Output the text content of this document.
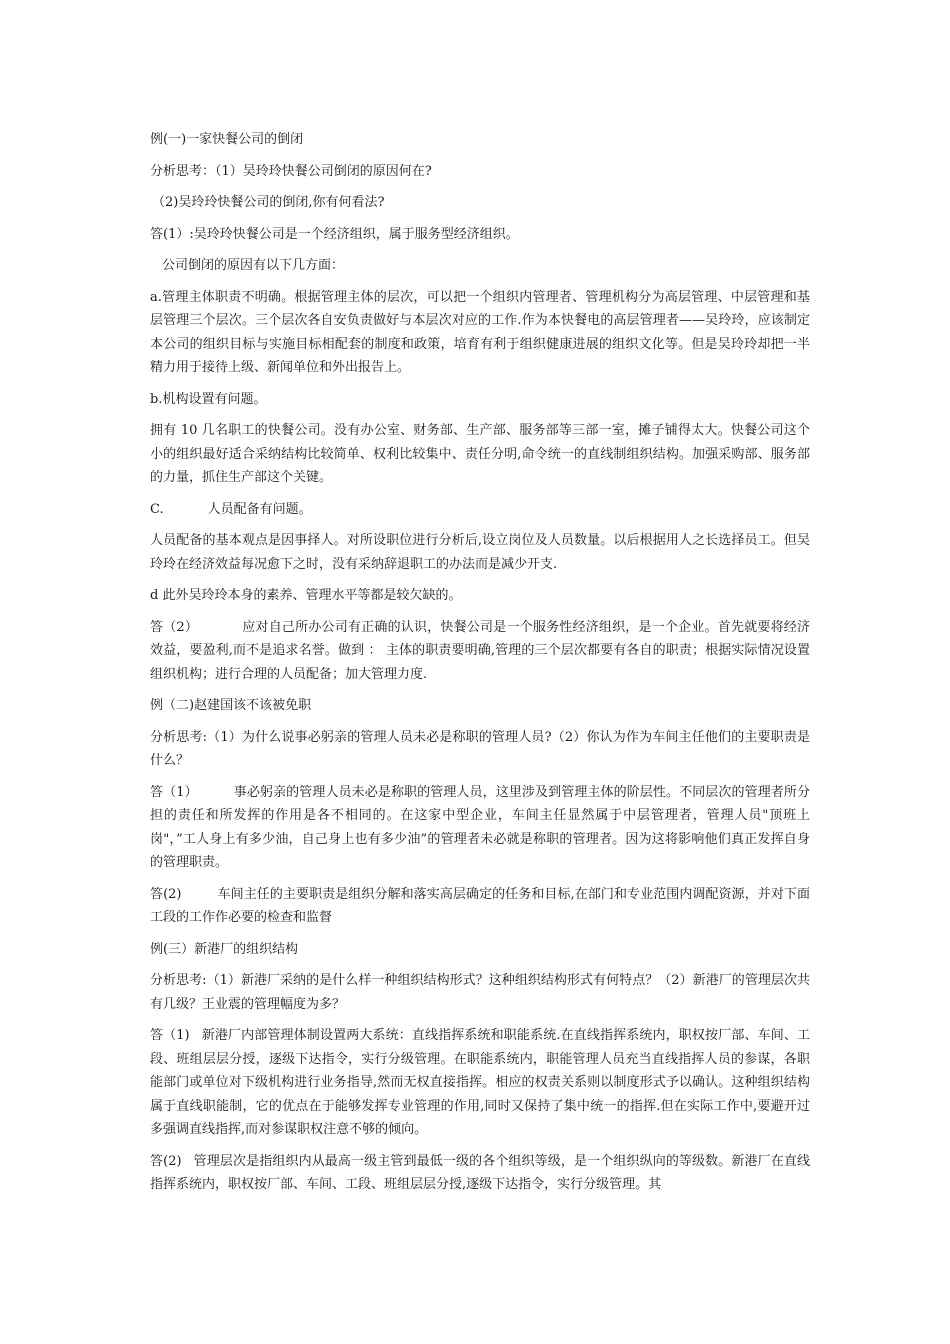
例(一)一家快餐公司的倒闭

分析思考：（1）吴玲玲快餐公司倒闭的原因何在?

（2)吴玲玲快餐公司的倒闭,你有何看法?

答(1）:吴玲玲快餐公司是一个经济组织，属于服务型经济组织。

公司倒闭的原因有以下几方面：

a.管理主体职责不明确。根据管理主体的层次，可以把一个组织内管理者、管理机构分为高层管理、中层管理和基层管理三个层次。三个层次各自安负责做好与本层次对应的工作.作为本快餐电的高层管理者——吴玲玲，应该制定本公司的组织目标与实施目标相配套的制度和政策，培育有利于组织健康进展的组织文化等。但是吴玲玲却把一半精力用于接待上级、新闻单位和外出报告上。

b.机构设置有问题。

拥有 10 几名职工的快餐公司。没有办公室、财务部、生产部、服务部等三部一室，摊子铺得太大。快餐公司这个小的组织最好适合采纳结构比较简单、权利比较集中、责任分明,命令统一的直线制组织结构。加强采购部、服务部的力量，抓住生产部这个关键。

C.	人员配备有问题。

人员配备的基本观点是因事择人。对所设职位进行分析后,设立岗位及人员数量。以后根据用人之长选择员工。但吴玲玲在经济效益每况愈下之时，没有采纳辞退职工的办法而是减少开支.

d 此外吴玲玲本身的素养、管理水平等都是较欠缺的。

答（2）	应对自己所办公司有正确的认识，快餐公司是一个服务性经济组织，是一个企业。首先就要将经济效益，要盈利,而不是追求名誉。做到 ： 主体的职责要明确,管理的三个层次都要有各自的职责；根据实际情况设置组织机构；进行合理的人员配备；加大管理力度.

例（二)赵建国该不该被免职

分析思考:（1）为什么说事必躬亲的管理人员未必是称职的管理人员?（2）你认为作为车间主任他们的主要职责是什么？

答（1）	事必躬亲的管理人员未必是称职的管理人员，这里涉及到管理主体的阶层性。不同层次的管理者所分担的责任和所发挥的作用是各不相同的。在这家中型企业，车间主任显然属于中层管理者，管理人员"顶班上岗"，”工人身上有多少油，自己身上也有多少油”的管理者未必就是称职的管理者。因为这将影响他们真正发挥自身的管理职责。

答(2)	车间主任的主要职责是组织分解和落实高层确定的任务和目标,在部门和专业范围内调配资源，并对下面工段的工作作必要的检查和监督

例(三）新港厂的组织结构

分析思考:（1）新港厂采纳的是什么样一种组织结构形式？这种组织结构形式有何特点？（2）新港厂的管理层次共有几级？王业震的管理幅度为多？

答（1) 新港厂内部管理体制设置两大系统：直线指挥系统和职能系统.在直线指挥系统内，职权按厂部、车间、工段、班组层层分授，逐级下达指令，实行分级管理。在职能系统内，职能管理人员充当直线指挥人员的参谋，各职能部门或单位对下级机构进行业务指导,然而无权直接指挥。相应的权责关系则以制度形式予以确认。这种组织结构属于直线职能制，它的优点在于能够发挥专业管理的作用,同时又保持了集中统一的指挥.但在实际工作中,要避开过多强调直线指挥,而对参谋职权注意不够的倾向。

答(2) 管理层次是指组织内从最高一级主管到最低一级的各个组织等级，是一个组织纵向的等级数。新港厂在直线指挥系统内，职权按厂部、车间、工段、班组层层分授,逐级下达指令，实行分级管理。其
